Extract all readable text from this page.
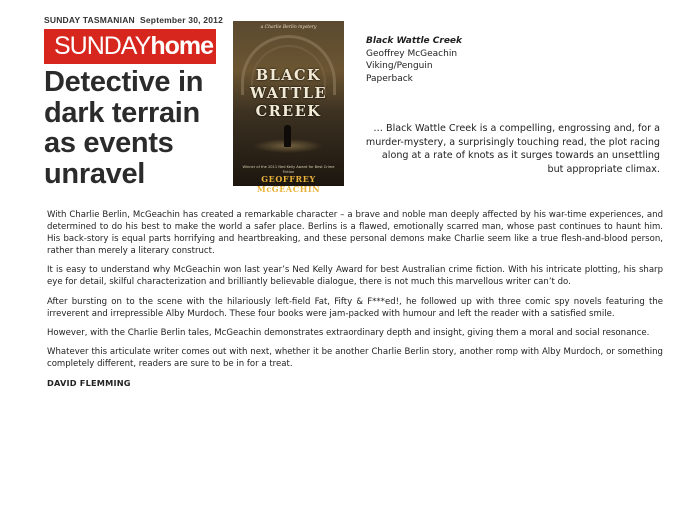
SUNDAY TASMANIAN September 30, 2012
SUNDAYhome
Detective in dark terrain as events unravel
a Charlie Berlin mystery
BLACK
WATTLE
CREEK
Winner of the 2011 Ned Kelly Award for Best Crime Fiction
GEOFFREY McGEACHIN
Black Wattle Creek
Geoffrey McGeachin
Viking/Penguin
Paperback
… Black Wattle Creek is a compelling, engrossing and, for a murder-mystery, a surprisingly touching read, the plot racing along at a rate of knots as it surges towards an unsettling but appropriate climax.

With Charlie Berlin, McGeachin has created a remarkable character – a brave and noble man deeply affected by his war-time experiences, and determined to do his best to make the world a safer place. Berlins is a flawed, emotionally scarred man, whose past continues to haunt him. His back-story is equal parts horrifying and heartbreaking, and these personal demons make Charlie seem like a true flesh-and-blood person, rather than merely a literary construct.

It is easy to understand why McGeachin won last year’s Ned Kelly Award for best Australian crime fiction. With his intricate plotting, his sharp eye for detail, skilful characterization and brilliantly believable dialogue, there is not much this marvellous writer can’t do.

After bursting on to the scene with the hilariously left-field Fat, Fifty & F***ed!, he followed up with three comic spy novels featuring the irreverent and irrepressible Alby Murdoch. These four books were jam-packed with humour and left the reader with a satisfied smile.

However, with the Charlie Berlin tales, McGeachin demonstrates extraordinary depth and insight, giving them a moral and social resonance.

Whatever this articulate writer comes out with next, whether it be another Charlie Berlin story, another romp with Alby Murdoch, or something completely different, readers are sure to be in for a treat.

DAVID FLEMMING
